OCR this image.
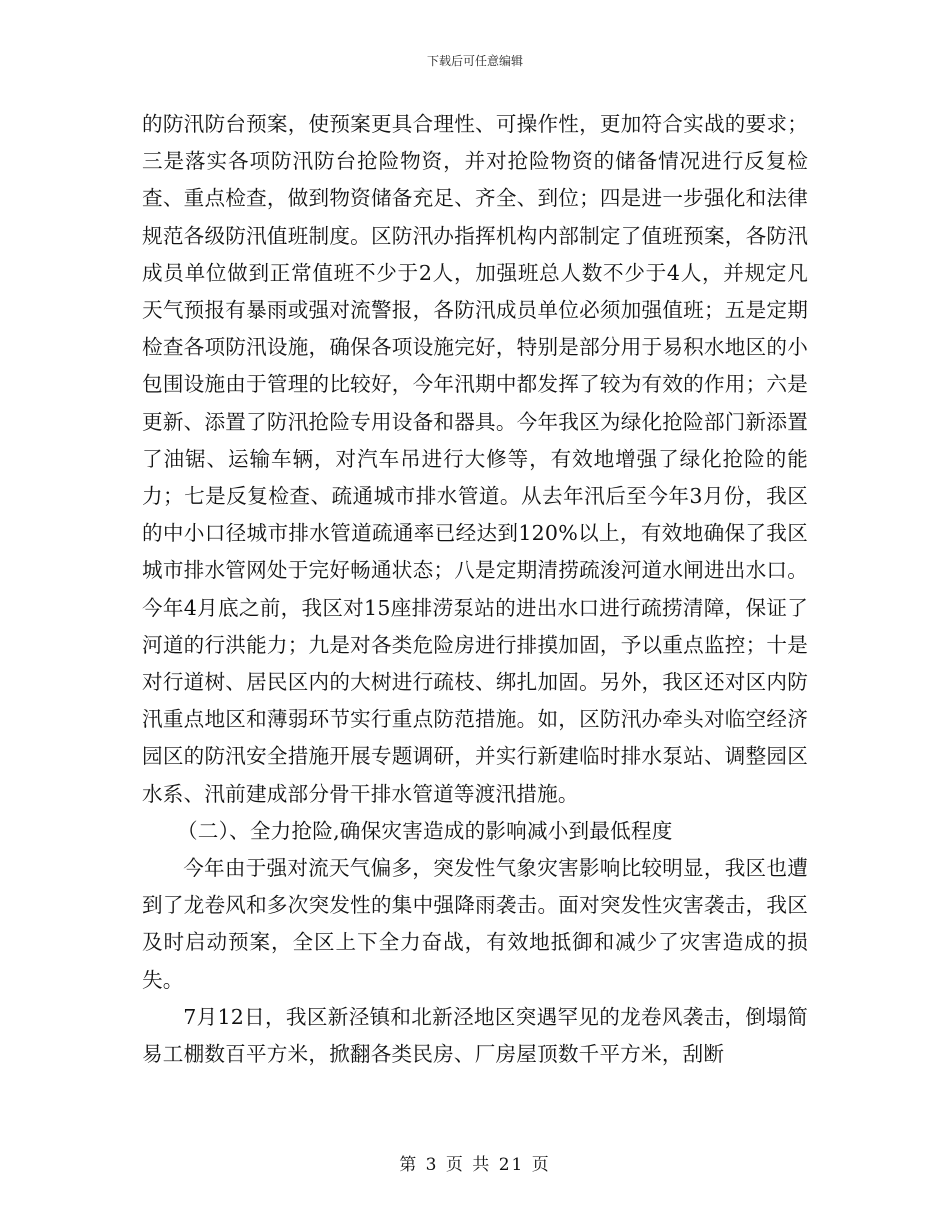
下载后可任意编辑

的防汛防台预案，使预案更具合理性、可操作性，更加符合实战的要求；三是落实各项防汛防台抢险物资，并对抢险物资的储备情况进行反复检查、重点检查，做到物资储备充足、齐全、到位；四是进一步强化和法律规范各级防汛值班制度。区防汛办指挥机构内部制定了值班预案，各防汛成员单位做到正常值班不少于2人，加强班总人数不少于4人，并规定凡天气预报有暴雨或强对流警报，各防汛成员单位必须加强值班；五是定期检查各项防汛设施，确保各项设施完好，特别是部分用于易积水地区的小包围设施由于管理的比较好，今年汛期中都发挥了较为有效的作用；六是更新、添置了防汛抢险专用设备和器具。今年我区为绿化抢险部门新添置了油锯、运输车辆，对汽车吊进行大修等，有效地增强了绿化抢险的能力；七是反复检查、疏通城市排水管道。从去年汛后至今年3月份，我区的中小口径城市排水管道疏通率已经达到120%以上，有效地确保了我区城市排水管网处于完好畅通状态；八是定期清捞疏浚河道水闸进出水口。今年4月底之前，我区对15座排涝泵站的进出水口进行疏捞清障，保证了河道的行洪能力；九是对各类危险房进行排摸加固，予以重点监控；十是对行道树、居民区内的大树进行疏枝、绑扎加固。另外，我区还对区内防汛重点地区和薄弱环节实行重点防范措施。如，区防汛办牵头对临空经济园区的防汛安全措施开展专题调研，并实行新建临时排水泵站、调整园区水系、汛前建成部分骨干排水管道等渡汛措施。

（二）、全力抢险,确保灾害造成的影响减小到最低程度

今年由于强对流天气偏多，突发性气象灾害影响比较明显，我区也遭到了龙卷风和多次突发性的集中强降雨袭击。面对突发性灾害袭击，我区及时启动预案，全区上下全力奋战，有效地抵御和减少了灾害造成的损失。

7月12日，我区新泾镇和北新泾地区突遇罕见的龙卷风袭击，倒塌简易工棚数百平方米，掀翻各类民房、厂房屋顶数千平方米，刮断

第 3 页 共 21 页
